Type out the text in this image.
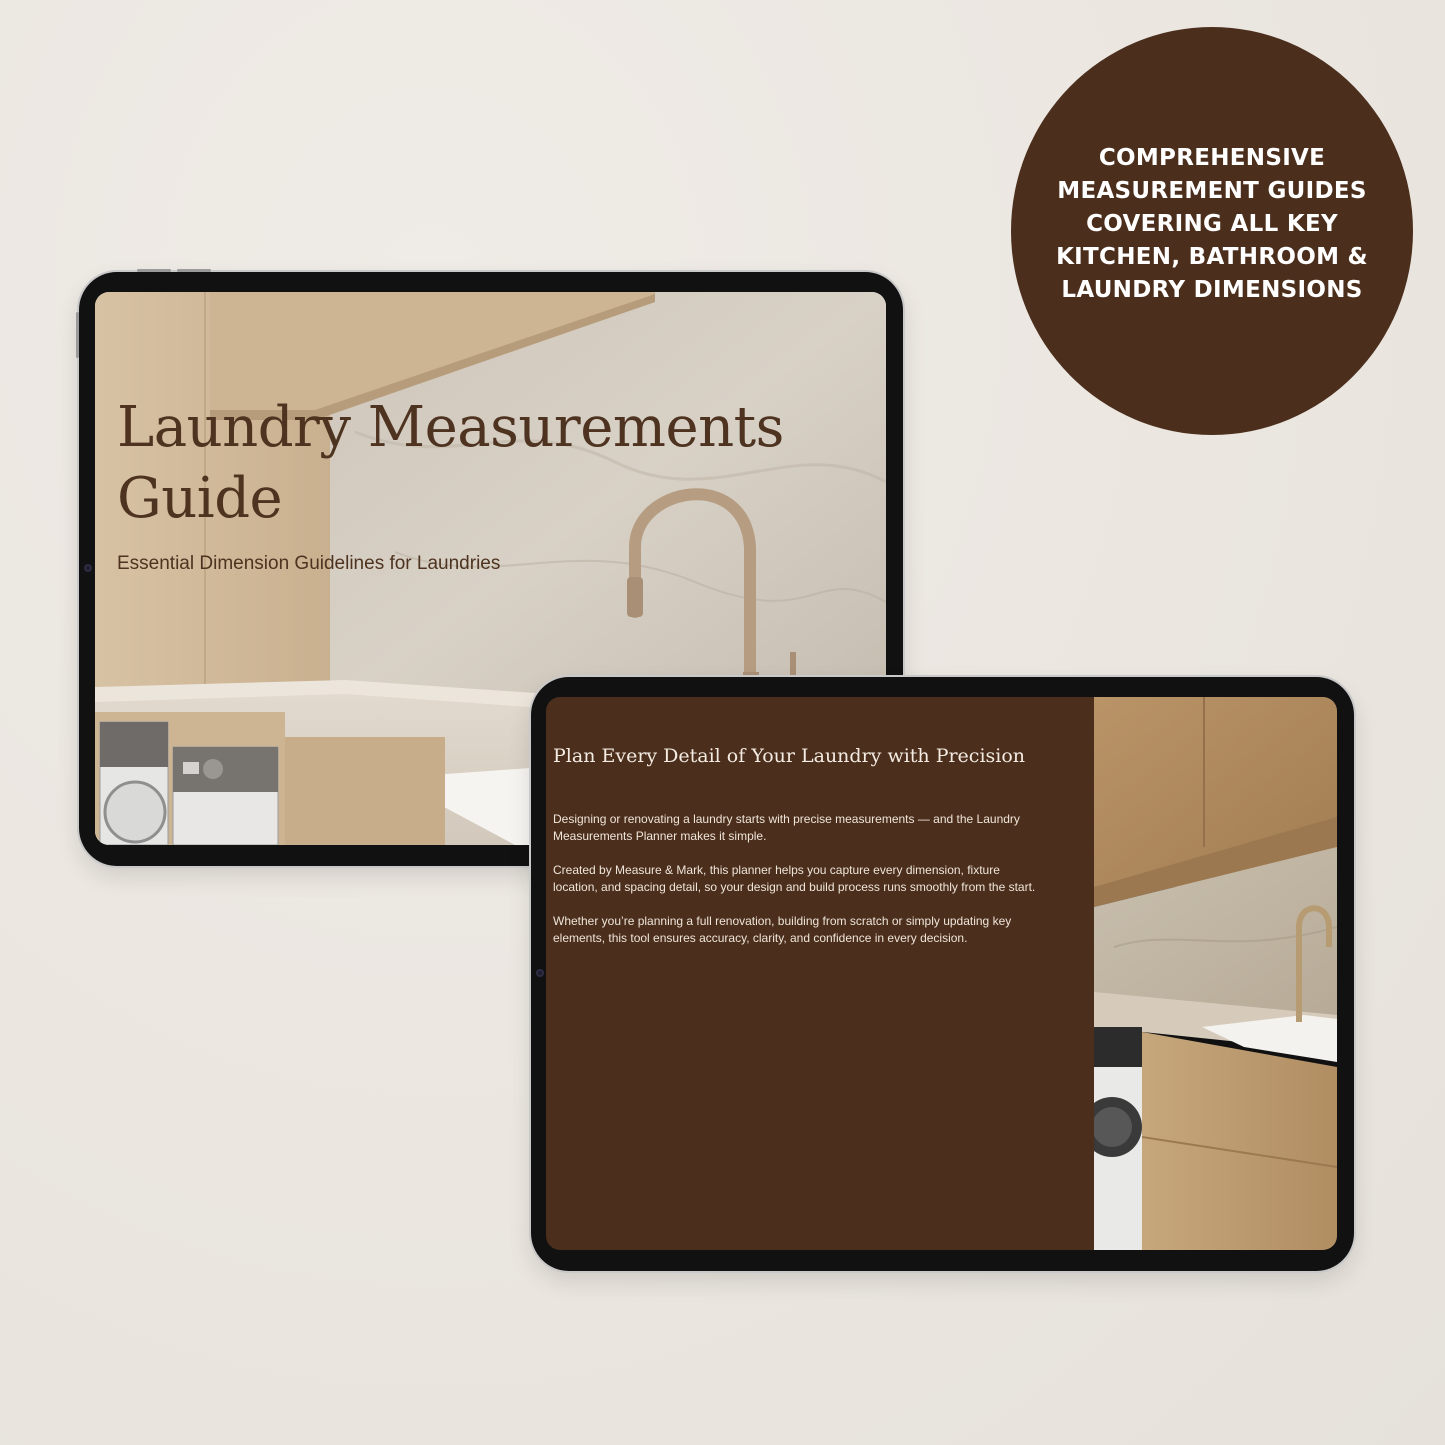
COMPREHENSIVE MEASUREMENT GUIDES COVERING ALL KEY KITCHEN, BATHROOM & LAUNDRY DIMENSIONS
Laundry Measurements Guide

Essential Dimension Guidelines for Laundries

Plan Every Detail of Your Laundry with Precision

Designing or renovating a laundry starts with precise measurements — and the Laundry Measurements Planner makes it simple.

Created by Measure & Mark, this planner helps you capture every dimension, fixture location, and spacing detail, so your design and build process runs smoothly from the start.

Whether you’re planning a full renovation, building from scratch or simply updating key elements, this tool ensures accuracy, clarity, and confidence in every decision.
